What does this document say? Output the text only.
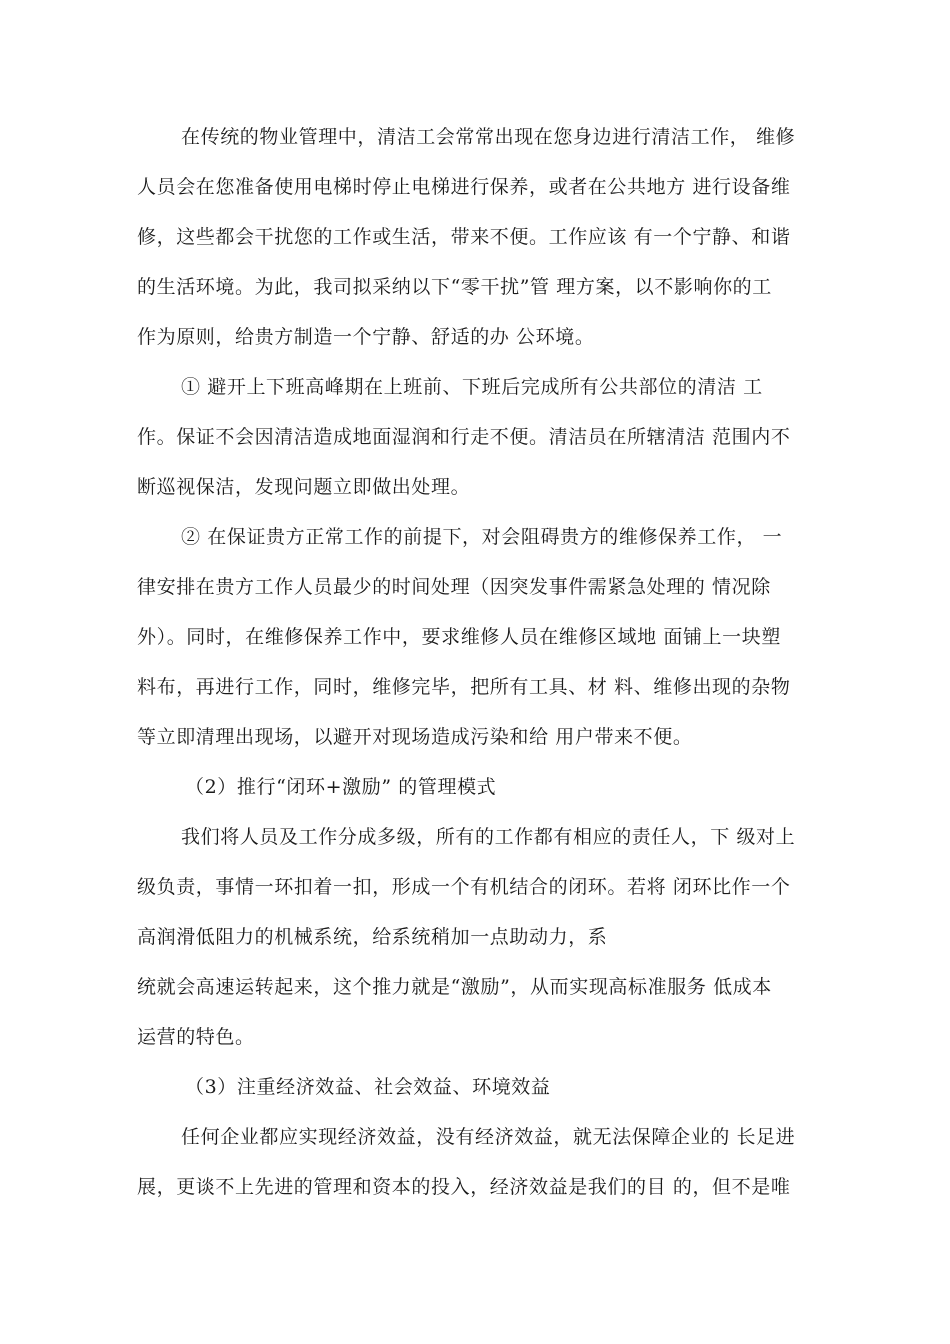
在传统的物业管理中，清洁工会常常出现在您身边进行清洁工作， 维修
人员会在您准备使用电梯时停止电梯进行保养，或者在公共地方 进行设备维
修，这些都会干扰您的工作或生活，带来不便。工作应该 有一个宁静、和谐
的生活环境。为此，我司拟采纳以下“零干扰”管 理方案，以不影响你的工
作为原则，给贵方制造一个宁静、舒适的办 公环境。
① 避开上下班高峰期在上班前、下班后完成所有公共部位的清洁 工
作。保证不会因清洁造成地面湿润和行走不便。清洁员在所辖清洁 范围内不
断巡视保洁，发现问题立即做出处理。
② 在保证贵方正常工作的前提下，对会阻碍贵方的维修保养工作， 一
律安排在贵方工作人员最少的时间处理（因突发事件需紧急处理的 情况除
外）。同时，在维修保养工作中，要求维修人员在维修区域地 面铺上一块塑
料布，再进行工作，同时，维修完毕，把所有工具、材 料、维修出现的杂物
等立即清理出现场，以避开对现场造成污染和给 用户带来不便。
（2）推行“闭环+激励” 的管理模式
我们将人员及工作分成多级，所有的工作都有相应的责任人，下 级对上
级负责，事情一环扣着一扣，形成一个有机结合的闭环。若将 闭环比作一个
高润滑低阻力的机械系统，给系统稍加一点助动力，系
统就会高速运转起来，这个推力就是“激励”，从而实现高标准服务 低成本
运营的特色。
（3）注重经济效益、社会效益、环境效益
任何企业都应实现经济效益，没有经济效益，就无法保障企业的 长足进
展，更谈不上先进的管理和资本的投入，经济效益是我们的目 的，但不是唯
